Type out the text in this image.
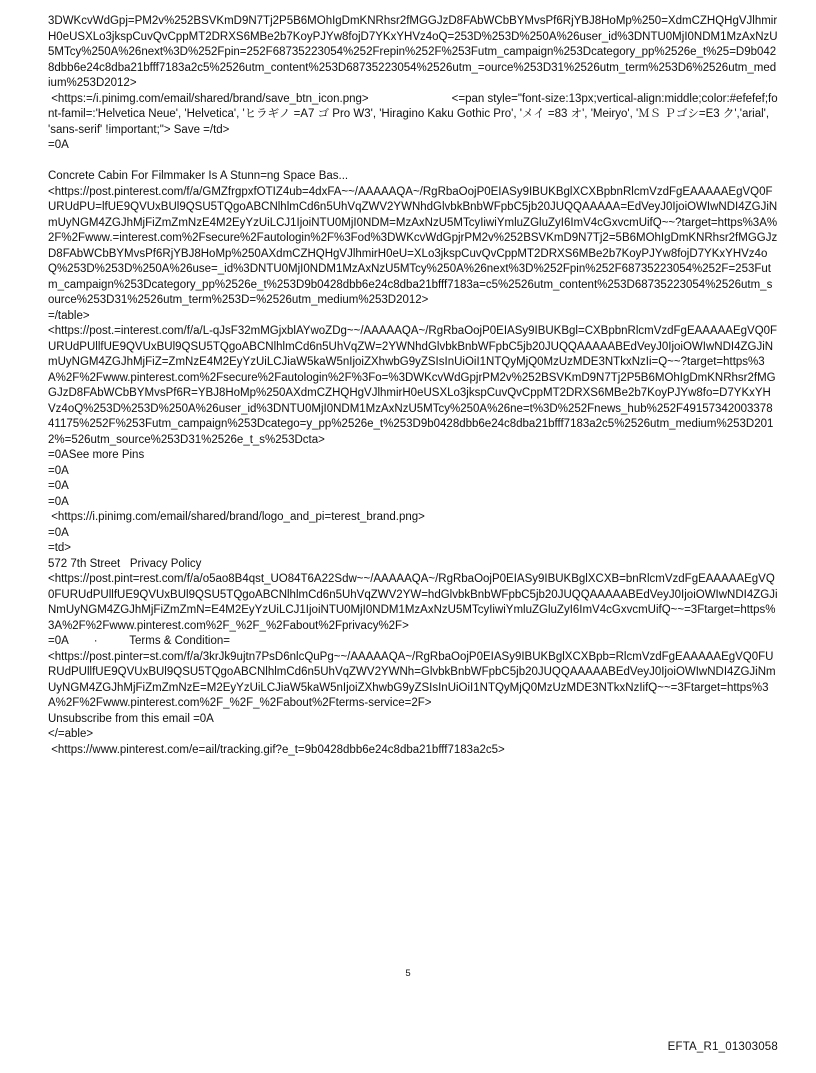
3DWKcvWdGpj=PM2v%252BSVKmD9N7Tj2P5B6MOhIgDmKNRhsr2fMGGJzD8FAbWCbBYMvsPf6RjYBJ8HoMp%250=XdmCZHQHgVJlhmirH0eUSXLo3jkspCuvQvCppMT2DRXS6MBe2b7KoyPJYw8fojD7YKxYHVz4oQ=253D%253D%250A%26user_id%3DNTU0MjI0NDM1MzAxNzU5MTcy%250A%26next%3D%252Fpin=252F68735223054%252Frepin%252F%253Futm_campaign%253Dcategory_pp%2526e_t%25=D9b0428dbb6e24c8dba21bfff7183a2c5%2526utm_content%253D68735223054%2526utm_=ource%253D31%2526utm_term%253D6%2526utm_medium%253D2012>
<https:=/i.pinimg.com/email/shared/brand/save_btn_icon.png>                          <=pan style="font-size:13px;vertical-align:middle;color:#efefef;font-famil=:'Helvetica Neue', 'Helvetica', 'ヒラギノ =A7 ゴ Pro W3', 'Hiragino Kaku Gothic Pro', 'メイ =83 オ', 'Meiryo', 'ＭＳ Ｐゴシ=E3 ク','arial', 'sans-serif' !important;"> Save =/td>
=0A

Concrete Cabin For Filmmaker Is A Stunn=ng Space Bas...
<https://post.pinterest.com/f/a/GMZfrgpxfOTIZ4ub=4dxFA~~/AAAAAQA~/RgRbaOojP0EIASy9IBUKBglXCXBpbnRlcmVzdFgEAAAAAEgVQ0FURUdPU=lfUE9QVUxBUl9QSU5TQgoABCNlhlmCd6n5UhVqZWV2YWNhdGlvbkBnbWFpbC5jb20JUQQAAAAA=EdVeyJ0IjoiOWIwNDI4ZGJiNmUyNGM4ZGJhMjFiZmZmNzE4M2EyYzUiLCJ1IjoiNTU0MjI0NDM=MzAxNzU5MTcyIiwiYmluZGluZyI6ImV4cGxvcmUifQ~~?target=https%3A%2F%2Fwww.=interest.com%2Fsecure%2Fautologin%2F%3Fod%3DWKcvWdGpjrPM2v%252BSVKmD9N7Tj2=5B6MOhIgDmKNRhsr2fMGGJzD8FAbWCbBYMvsPf6RjYBJ8HoMp%250AXdmCZHQHgVJlhmirH0eU=XLo3jkspCuvQvCppMT2DRXS6MBe2b7KoyPJYw8fojD7YKxYHVz4oQ%253D%253D%250A%26use=_id%3DNTU0MjI0NDM1MzAxNzU5MTcy%250A%26next%3D%252Fpin%252F68735223054%252F=253Futm_campaign%253Dcategory_pp%2526e_t%253D9b0428dbb6e24c8dba21bfff7183a=c5%2526utm_content%253D68735223054%2526utm_source%253D31%2526utm_term%253D=%2526utm_medium%253D2012>
=/table>
<https://post.=interest.com/f/a/L-qJsF32mMGjxblAYwoZDg~~/AAAAAQA~/RgRbaOojP0EIASy9IBUKBgl=CXBpbnRlcmVzdFgEAAAAAEgVQ0FURUdPUllfUE9QVUxBUl9QSU5TQgoABCNlhlmCd6n5UhVqZW=2YWNhdGlvbkBnbWFpbC5jb20JUQQAAAAABEdVeyJ0IjoiOWIwNDI4ZGJiNmUyNGM4ZGJhMjFiZ=ZmNzE4M2EyYzUiLCJiaW5kaW5nIjoiZXhwbG9yZSIsInUiOiI1NTQyMjQ0MzUzMDE3NTkxNzIi=Q~~?target=https%3A%2F%2Fwww.pinterest.com%2Fsecure%2Fautologin%2F%3Fo=%3DWKcvWdGpjrPM2v%252BSVKmD9N7Tj2P5B6MOhIgDmKNRhsr2fMGGJzD8FAbWCbBYMvsPf6R=YBJ8HoMp%250AXdmCZHQHgVJlhmirH0eUSXLo3jkspCuvQvCppMT2DRXS6MBe2b7KoyPJYw8fo=D7YKxYHVz4oQ%253D%253D%250A%26user_id%3DNTU0MjI0NDM1MzAxNzU5MTcy%250A%26ne=t%3D%252Fnews_hub%252F4915734200337841175%252F%253Futm_campaign%253Dcatego=y_pp%2526e_t%253D9b0428dbb6e24c8dba21bfff7183a2c5%2526utm_medium%253D2012%=526utm_source%253D31%2526e_t_s%253Dcta>
=0ASee more Pins
=0A
=0A
=0A
<https://i.pinimg.com/email/shared/brand/logo_and_pi=terest_brand.png>
=0A
=td>
572 7th Street   Privacy Policy
<https://post.pint=rest.com/f/a/o5ao8B4qst_UO84T6A22Sdw~~/AAAAAQA~/RgRbaOojP0EIASy9IBUKBglXCXB=bnRlcmVzdFgEAAAAAEgVQ0FURUdPUllfUE9QVUxBUl9QSU5TQgoABCNlhlmCd6n5UhVqZWV2YW=hdGlvbkBnbWFpbC5jb20JUQQAAAAABEdVeyJ0IjoiOWIwNDI4ZGJiNmUyNGM4ZGJhMjFiZmZmN=E4M2EyYzUiLCJ1IjoiNTU0MjI0NDM1MzAxNzU5MTcyIiwiYmluZGluZyI6ImV4cGxvcmUifQ~~=3Ftarget=https%3A%2F%2Fwww.pinterest.com%2F_%2F_%2Fabout%2Fprivacy%2F>
=0A        ·          Terms & Condition=
<https://post.pinter=st.com/f/a/3krJk9ujtn7PsD6nlcQuPg~~/AAAAAQA~/RgRbaOojP0EIASy9IBUKBglXCXBpb=RlcmVzdFgEAAAAAEgVQ0FURUdPUllfUE9QVUxBUl9QSU5TQgoABCNlhlmCd6n5UhVqZWV2YWNh=GlvbkBnbWFpbC5jb20JUQQAAAAABEdVeyJ0IjoiOWIwNDI4ZGJiNmUyNGM4ZGJhMjFiZmZmNzE=M2EyYzUiLCJiaW5kaW5nIjoiZXhwbG9yZSIsInUiOiI1NTQyMjQ0MzUzMDE3NTkxNzIifQ~~=3Ftarget=https%3A%2F%2Fwww.pinterest.com%2F_%2F_%2Fabout%2Fterms-service=2F>
Unsubscribe from this email =0A
</=able>
<https://www.pinterest.com/e=ail/tracking.gif?e_t=9b0428dbb6e24c8dba21bfff7183a2c5>

5
EFTA_R1_01303058
